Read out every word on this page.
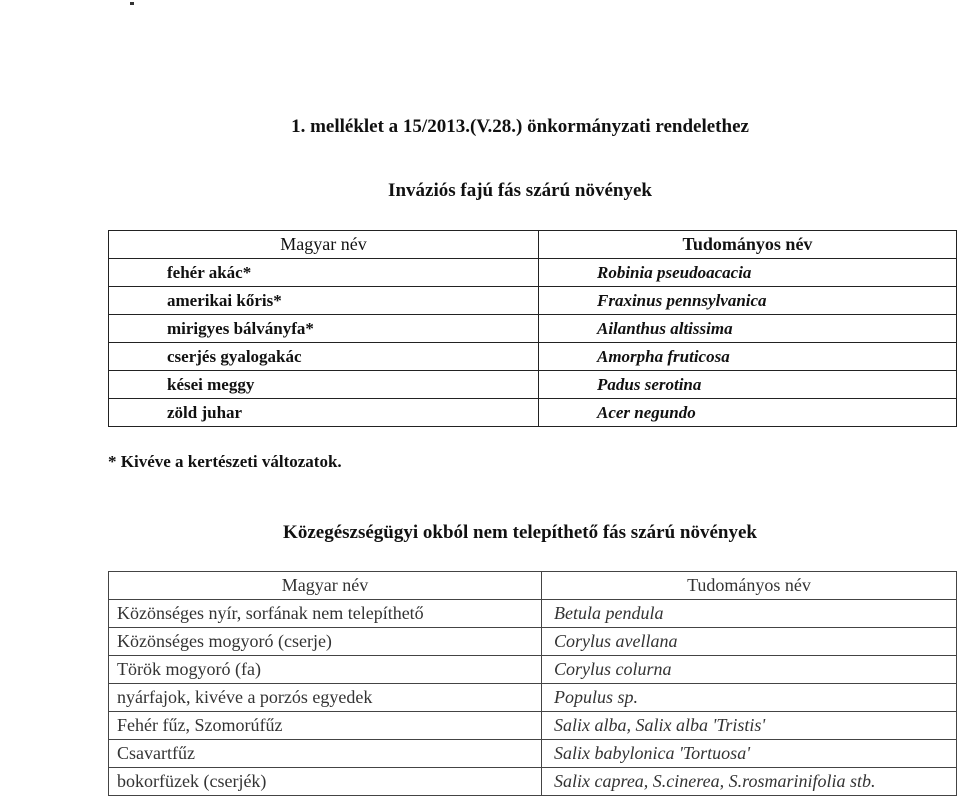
1. melléklet a 15/2013.(V.28.) önkormányzati rendelethez
Inváziós fajú fás szárú növények
Magyar név	Tudományos név
fehér akác*	Robinia pseudoacacia
amerikai kőris*	Fraxinus pennsylvanica
mirigyes bálványfa*	Ailanthus altissima
cserjés gyalogakác	Amorpha fruticosa
kései meggy	Padus serotina
zöld juhar	Acer negundo
* Kivéve a kertészeti változatok.
Közegészségügyi okból nem telepíthető fás szárú növények
Magyar név	Tudományos név
Közönséges nyír, sorfának nem telepíthető	Betula pendula
Közönséges mogyoró (cserje)	Corylus avellana
Török mogyoró (fa)	Corylus colurna
nyárfajok, kivéve a porzós egyedek	Populus sp.
Fehér fűz, Szomorúfűz	Salix alba, Salix alba 'Tristis'
Csavartfűz	Salix babylonica 'Tortuosa'
bokorfüzek (cserjék)	Salix caprea, S.cinerea, S.rosmarinifolia stb.
